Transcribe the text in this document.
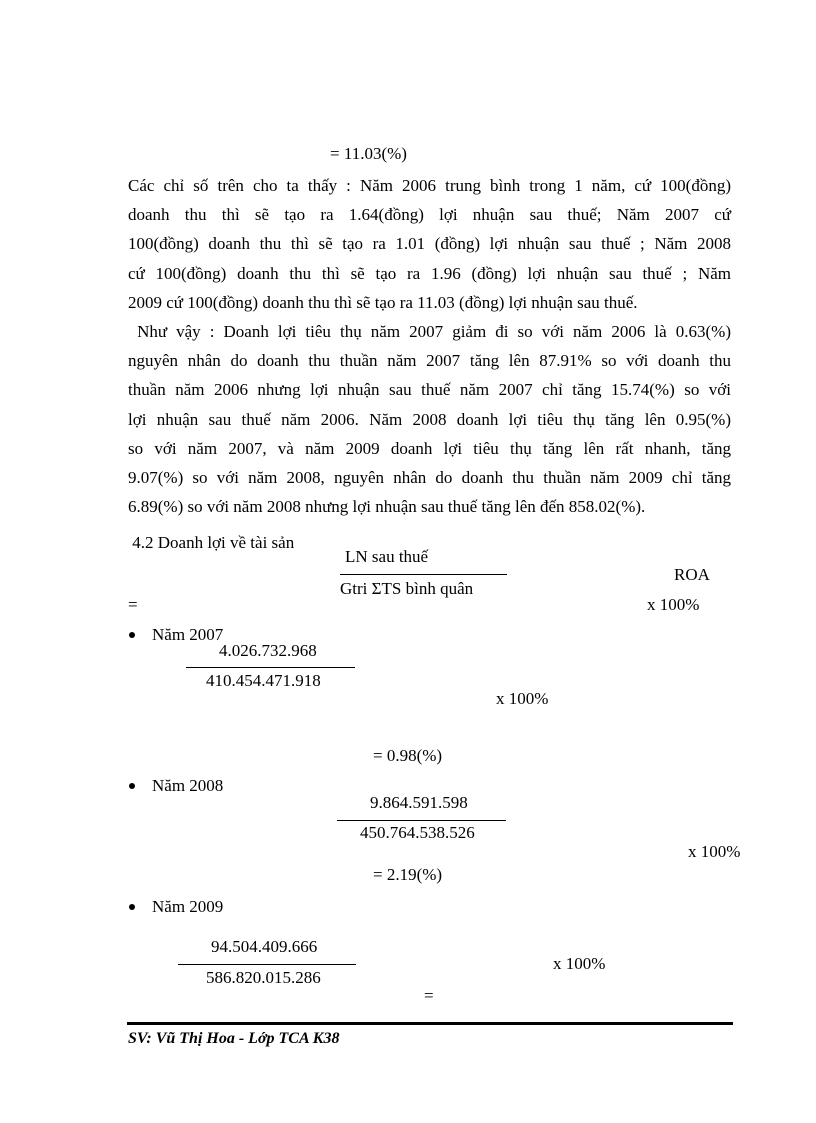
= 11.03(%)
Các chỉ số trên cho ta thấy : Năm 2006 trung bình trong 1 năm, cứ 100(đồng)
doanh thu thì sẽ tạo ra 1.64(đồng) lợi nhuận sau thuế; Năm 2007 cứ
100(đồng) doanh thu thì sẽ tạo ra 1.01 (đồng) lợi nhuận sau thuế ; Năm 2008
cứ 100(đồng) doanh thu thì sẽ tạo ra 1.96 (đồng) lợi nhuận sau thuế ; Năm
2009 cứ 100(đồng) doanh thu thì sẽ tạo ra 11.03 (đồng) lợi nhuận sau thuế.
Như vậy : Doanh lợi tiêu thụ năm 2007 giảm đi so với năm 2006 là 0.63(%)
nguyên nhân do doanh thu thuần năm 2007 tăng lên 87.91% so với doanh thu
thuần năm 2006 nhưng lợi nhuận sau thuế năm 2007 chỉ tăng 15.74(%) so với
lợi nhuận sau thuế năm 2006. Năm 2008 doanh lợi tiêu thụ tăng lên 0.95(%)
so với năm 2007, và năm 2009 doanh lợi tiêu thụ tăng lên rất nhanh, tăng
9.07(%) so với năm 2008, nguyên nhân do doanh thu thuần năm 2009 chỉ tăng
6.89(%) so với năm 2008 nhưng lợi nhuận sau thuế tăng lên đến 858.02(%).
4.2 Doanh lợi về tài sản
LN sau thuế
Gtri ΣTS bình quân
ROA
=	x 100%
Năm 2007
4.026.732.968
410.454.471.918
x 100%
= 0.98(%)
Năm 2008
9.864.591.598
450.764.538.526
x 100%
= 2.19(%)
Năm 2009
94.504.409.666
586.820.015.286
x 100%
=
SV: Vũ Thị Hoa - Lớp TCA K38
